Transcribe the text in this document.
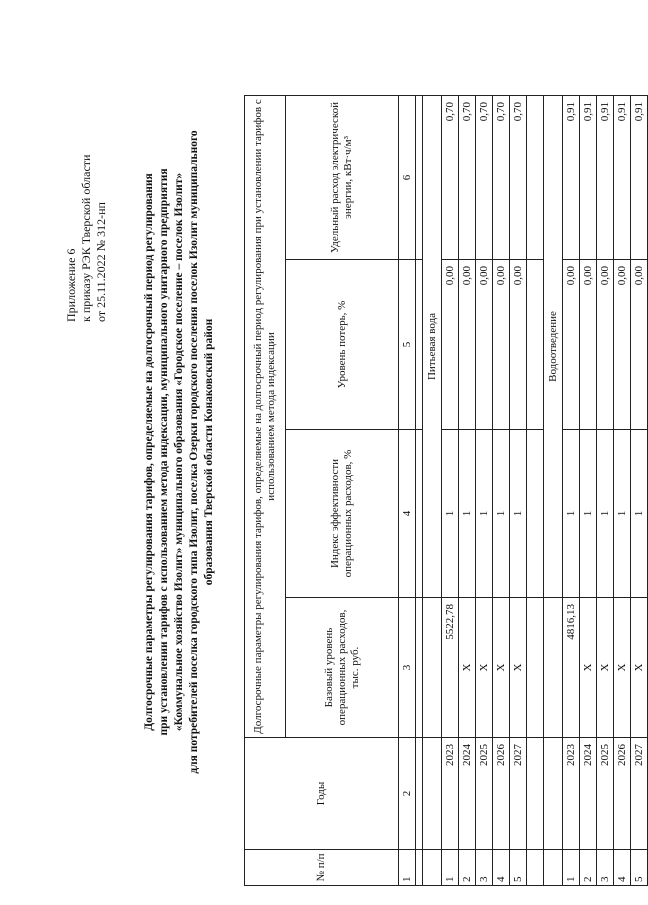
Приложение 6 к приказу РЭК Тверской области от 25.11.2022 № 312-нп	Долгосрочные параметры регулирования тарифов, определяемые на долгосрочный период регулирования при установлении тарифов с использованием метода индексации, муниципального унитарного предприятия «Коммунальное хозяйство Изолит» муниципального образования «Городское поселение – поселок Изолит» для потребителей поселка городского типа Изолит, поселка Озерки городского поселения поселок Изолит муниципального образования Тверской области Конаковский район
№ п/п	Годы	Долгосрочные параметры регулирования тарифов, определяемые на долгосрочный период регулирования при установлении тарифов с использованием метода индексации			
		Базовый уровень операционных расходов, тыс. руб.	Индекс эффективности операционных расходов, %	Уровень потерь, %	Удельный расход электрической энергии, кВт·ч/м³
1	2	3	4	5	6

			Питьевая вода		
1	2023	5522,78	1	0,00	0,70
2	2024	X	1	0,00	0,70
3	2025	X	1	0,00	0,70
4	2026	X	1	0,00	0,70
5	2027	X	1	0,00	0,70

			Водоотведение		
1	2023	4816,13	1	0,00	0,91
2	2024	X	1	0,00	0,91
3	2025	X	1	0,00	0,91
4	2026	X	1	0,00	0,91
5	2027	X	1	0,00	0,91
